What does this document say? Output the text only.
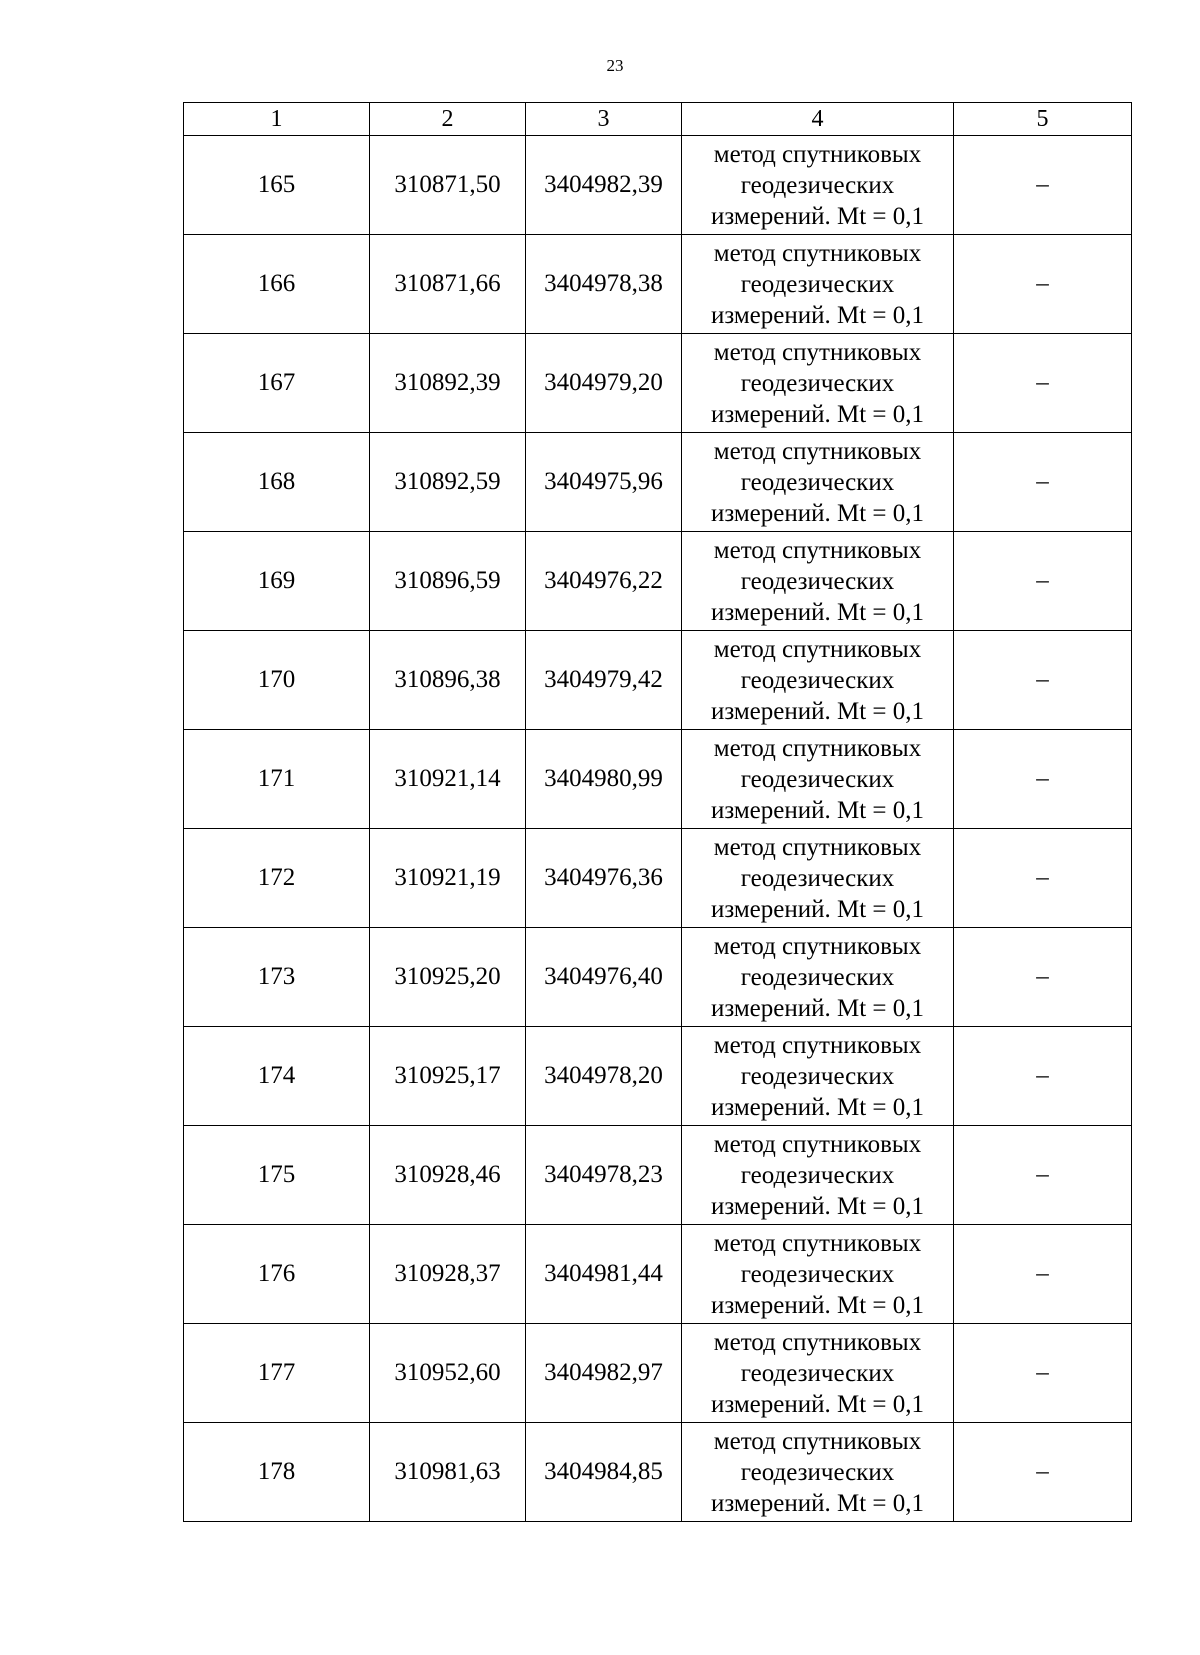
23
1	2	3	4	5
165	310871,50	3404982,39	метод спутниковых
геодезических
измерений. Mt = 0,1	–
166	310871,66	3404978,38	метод спутниковых
геодезических
измерений. Mt = 0,1	–
167	310892,39	3404979,20	метод спутниковых
геодезических
измерений. Mt = 0,1	–
168	310892,59	3404975,96	метод спутниковых
геодезических
измерений. Mt = 0,1	–
169	310896,59	3404976,22	метод спутниковых
геодезических
измерений. Mt = 0,1	–
170	310896,38	3404979,42	метод спутниковых
геодезических
измерений. Mt = 0,1	–
171	310921,14	3404980,99	метод спутниковых
геодезических
измерений. Mt = 0,1	–
172	310921,19	3404976,36	метод спутниковых
геодезических
измерений. Mt = 0,1	–
173	310925,20	3404976,40	метод спутниковых
геодезических
измерений. Mt = 0,1	–
174	310925,17	3404978,20	метод спутниковых
геодезических
измерений. Mt = 0,1	–
175	310928,46	3404978,23	метод спутниковых
геодезических
измерений. Mt = 0,1	–
176	310928,37	3404981,44	метод спутниковых
геодезических
измерений. Mt = 0,1	–
177	310952,60	3404982,97	метод спутниковых
геодезических
измерений. Mt = 0,1	–
178	310981,63	3404984,85	метод спутниковых
геодезических
измерений. Mt = 0,1	–
